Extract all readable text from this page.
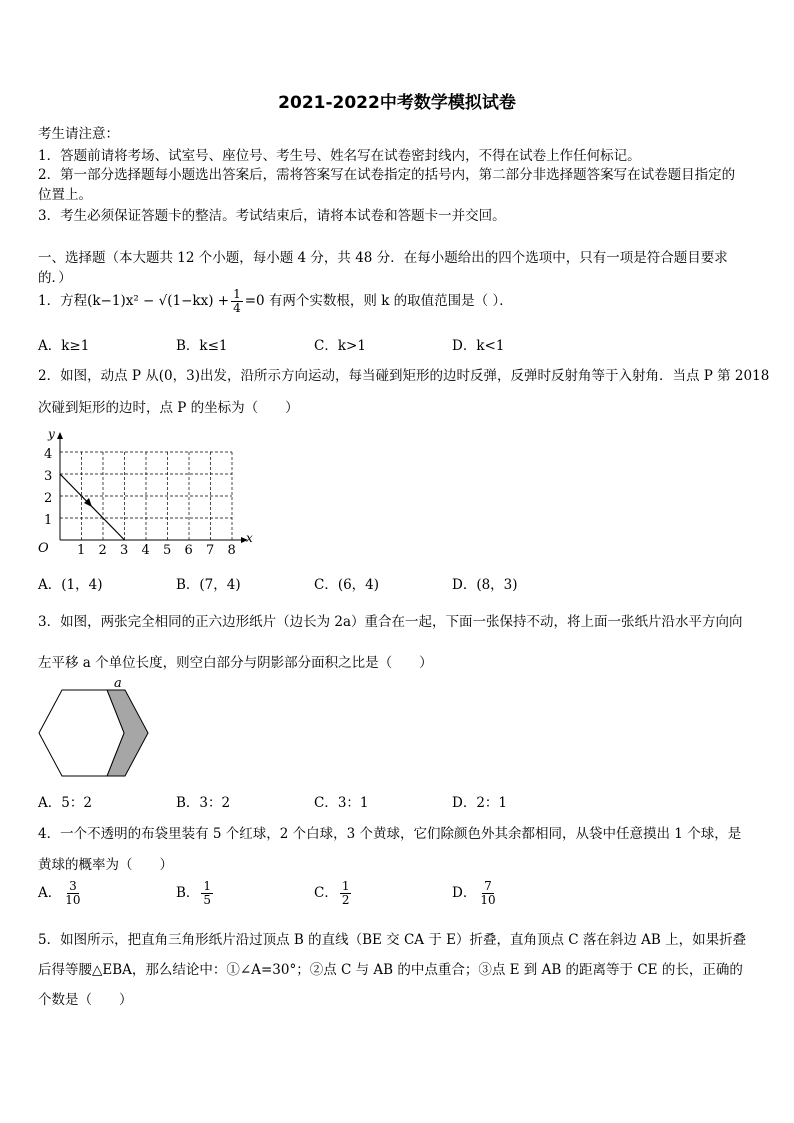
2021-2022中考数学模拟试卷
考生请注意：
1．答题前请将考场、试室号、座位号、考生号、姓名写在试卷密封线内，不得在试卷上作任何标记。
2．第一部分选择题每小题选出答案后，需将答案写在试卷指定的括号内，第二部分非选择题答案写在试卷题目指定的
位置上。
3．考生必须保证答题卡的整洁。考试结束后，请将本试卷和答题卡一并交回。
一、选择题（本大题共 12 个小题，每小题 4 分，共 48 分．在每小题给出的四个选项中，只有一项是符合题目要求
的．）
1．方程$(k-1)x^2 - √(1-kx) + \frac{1}{4} =0$ 有两个实数根，则 k 的取值范围是（ ）．
A．k≥1	B．k≤1	C．k>1	D．k<1
2．如图，动点 P 从(0，3)出发，沿所示方向运动，每当碰到矩形的边时反弹，反弹时反射角等于入射角．当点 P 第 2018
次碰到矩形的边时，点 P 的坐标为（　　）
y
x
O
1
2
3
4
1 2 3 4 5 6 7 8
A．(1，4)	B．(7，4)	C．(6，4)	D．(8，3)
3．如图，两张完全相同的正六边形纸片（边长为 2a）重合在一起，下面一张保持不动，将上面一张纸片沿水平方向向
左平移 a 个单位长度，则空白部分与阴影部分面积之比是（　　）
a
A．5：2	B．3：2	C．3：1	D．2：1
4．一个不透明的布袋里装有 5 个红球，2 个白球，3 个黄球，它们除颜色外其余都相同，从袋中任意摸出 1 个球，是
黄球的概率为（　　）
A． $\frac{3}{10}$	B． $\frac{1}{5}$	C． $\frac{1}{2}$	D． $\frac{7}{10}$
5．如图所示，把直角三角形纸片沿过顶点 B 的直线（BE 交 CA 于 E）折叠，直角顶点 C 落在斜边 AB 上，如果折叠
后得等腰△EBA，那么结论中：①∠A=30°；②点 C 与 AB 的中点重合；③点 E 到 AB 的距离等于 CE 的长，正确的
个数是（　　）
